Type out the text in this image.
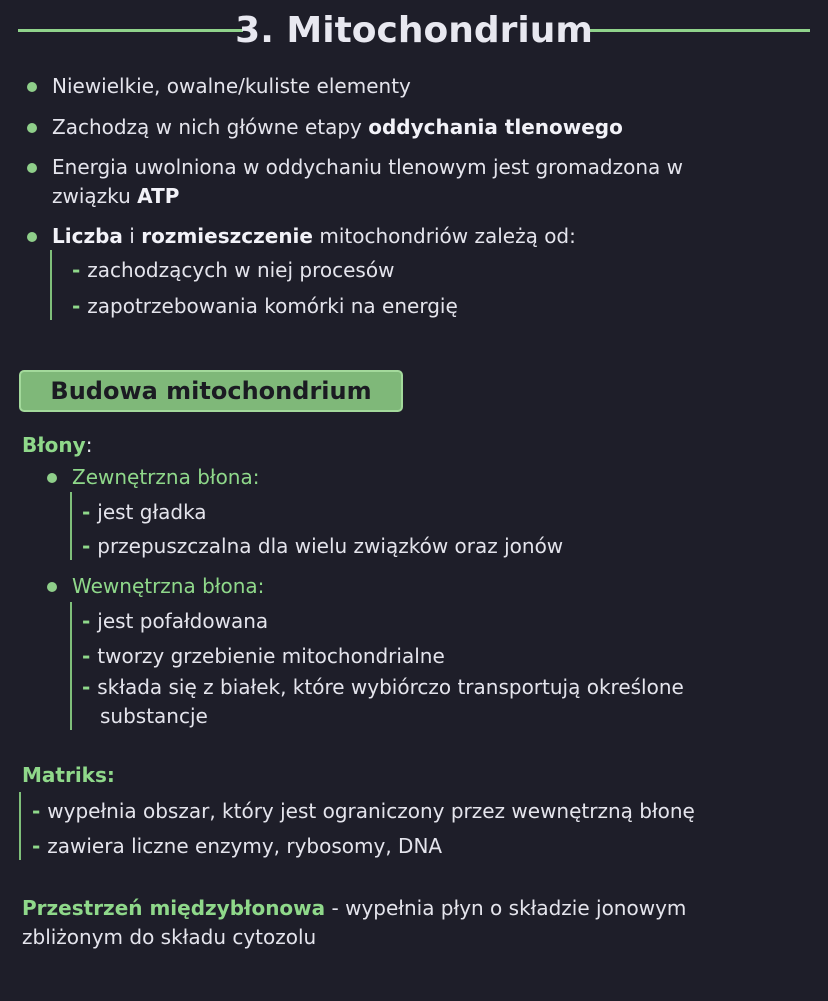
3. Mitochondrium
Niewielkie, owalne/kuliste elementy
Zachodzą w nich główne etapy oddychania tlenowego
Energia uwolniona w oddychaniu tlenowym jest gromadzona w
związku ATP
Liczba i rozmieszczenie mitochondriów zależą od:
- zachodzących w niej procesów
- zapotrzebowania komórki na energię
Budowa mitochondrium
Błony:
Zewnętrzna błona:
- jest gładka
- przepuszczalna dla wielu związków oraz jonów
Wewnętrzna błona:
- jest pofałdowana
- tworzy grzebienie mitochondrialne
- składa się z białek, które wybiórczo transportują określone
substancje
Matriks:
- wypełnia obszar, który jest ograniczony przez wewnętrzną błonę
- zawiera liczne enzymy, rybosomy, DNA
Przestrzeń międzybłonowa - wypełnia płyn o składzie jonowym
zbliżonym do składu cytozolu
